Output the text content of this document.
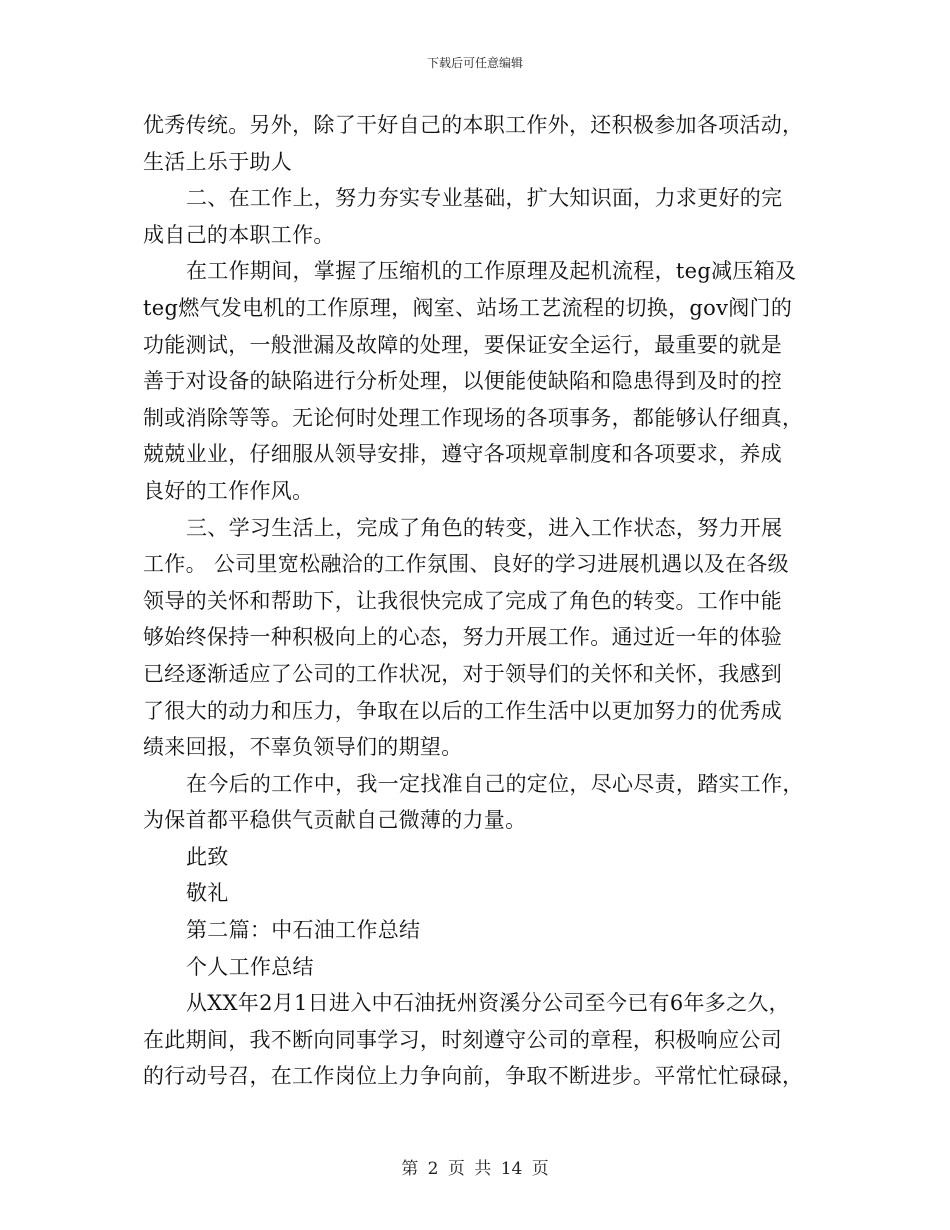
下载后可任意编辑
优秀传统。另外，除了干好自己的本职工作外，还积极参加各项活动，
生活上乐于助人
二、在工作上，努力夯实专业基础，扩大知识面，力求更好的完
成自己的本职工作。
在工作期间，掌握了压缩机的工作原理及起机流程，teg减压箱及
teg燃气发电机的工作原理，阀室、站场工艺流程的切换，gov阀门的
功能测试，一般泄漏及故障的处理，要保证安全运行，最重要的就是
善于对设备的缺陷进行分析处理，以便能使缺陷和隐患得到及时的控
制或消除等等。无论何时处理工作现场的各项事务，都能够认仔细真，
兢兢业业，仔细服从领导安排，遵守各项规章制度和各项要求，养成
良好的工作作风。
三、学习生活上，完成了角色的转变，进入工作状态，努力开展
工作。 公司里宽松融洽的工作氛围、良好的学习进展机遇以及在各级
领导的关怀和帮助下，让我很快完成了完成了角色的转变。工作中能
够始终保持一种积极向上的心态，努力开展工作。通过近一年的体验
已经逐渐适应了公司的工作状况，对于领导们的关怀和关怀，我感到
了很大的动力和压力，争取在以后的工作生活中以更加努力的优秀成
绩来回报，不辜负领导们的期望。
在今后的工作中，我一定找准自己的定位，尽心尽责，踏实工作，
为保首都平稳供气贡献自己微薄的力量。
此致
敬礼
第二篇：中石油工作总结
个人工作总结
从XX年2月1日进入中石油抚州资溪分公司至今已有6年多之久，
在此期间，我不断向同事学习，时刻遵守公司的章程，积极响应公司
的行动号召，在工作岗位上力争向前，争取不断进步。平常忙忙碌碌，
第 2 页 共 14 页
